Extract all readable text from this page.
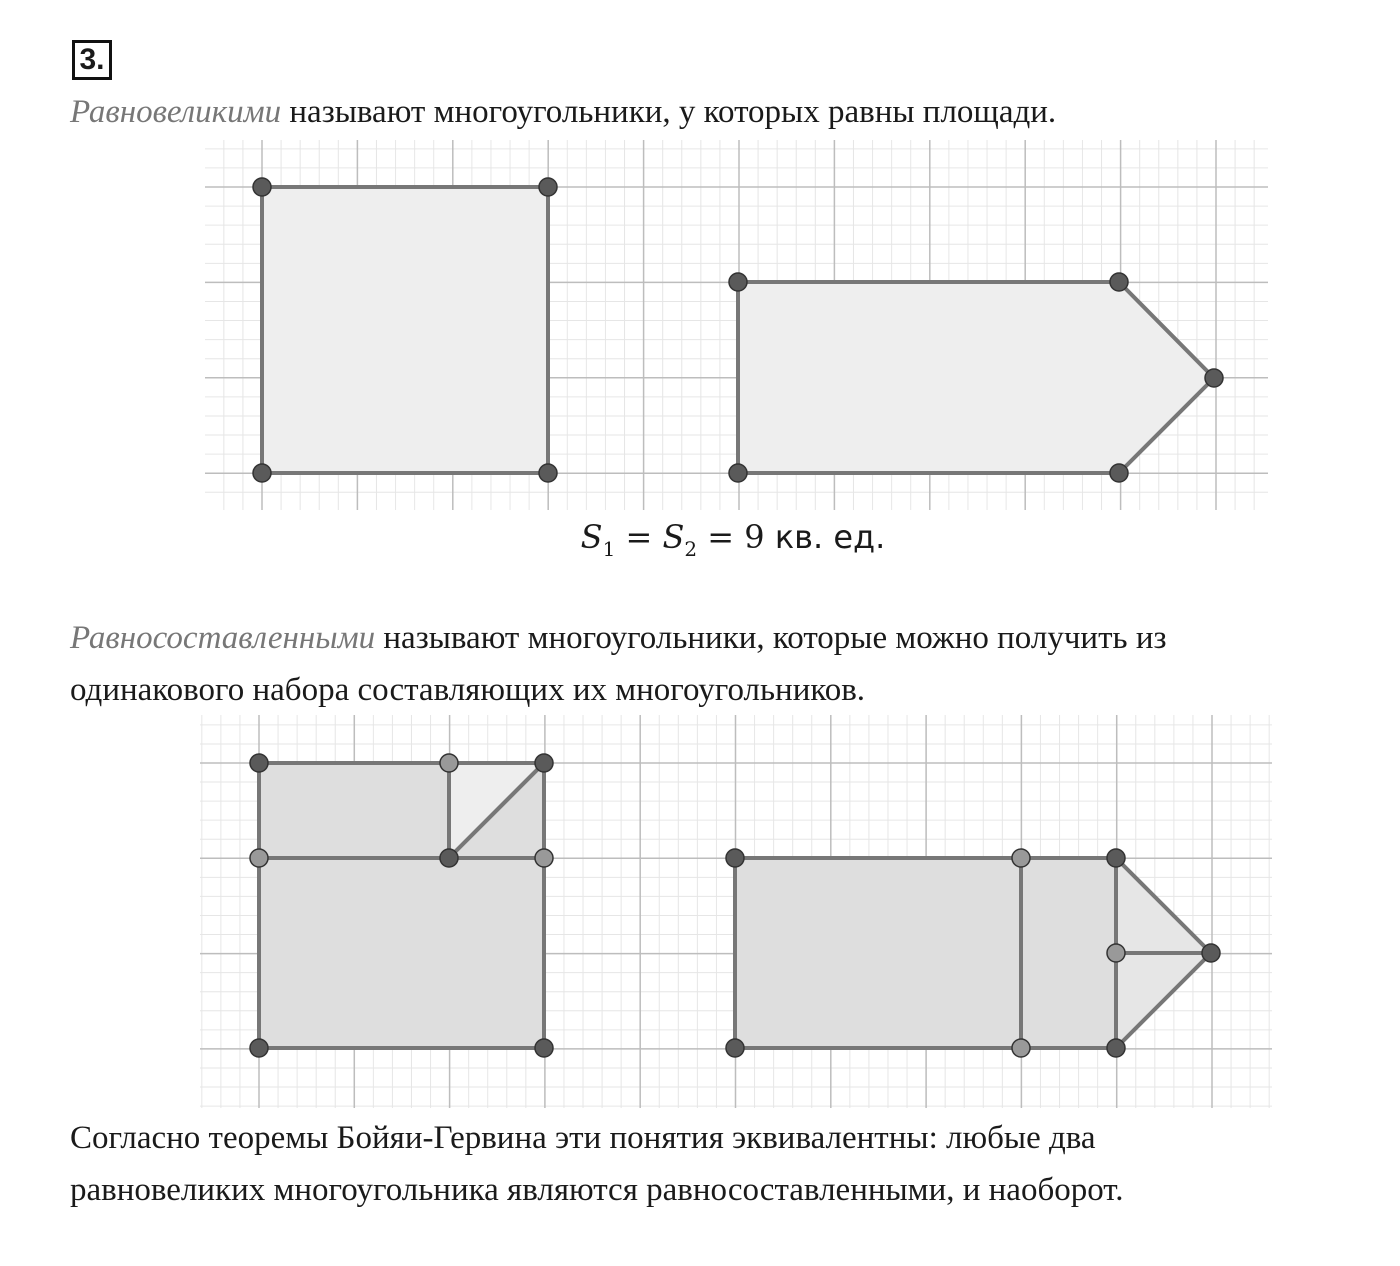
3.

Равновеликими называют многоугольники, у которых равны площади.

$S_1 = S_2 = 9$ кв. ед.

Равносоставленными называют многоугольники, которые можно получить из
одинакового набора составляющих их многоугольников.

Согласно теоремы Бойяи-Гервина эти понятия эквивалентны: любые два
равновеликих многоугольника являются равносоставленными, и наоборот.
